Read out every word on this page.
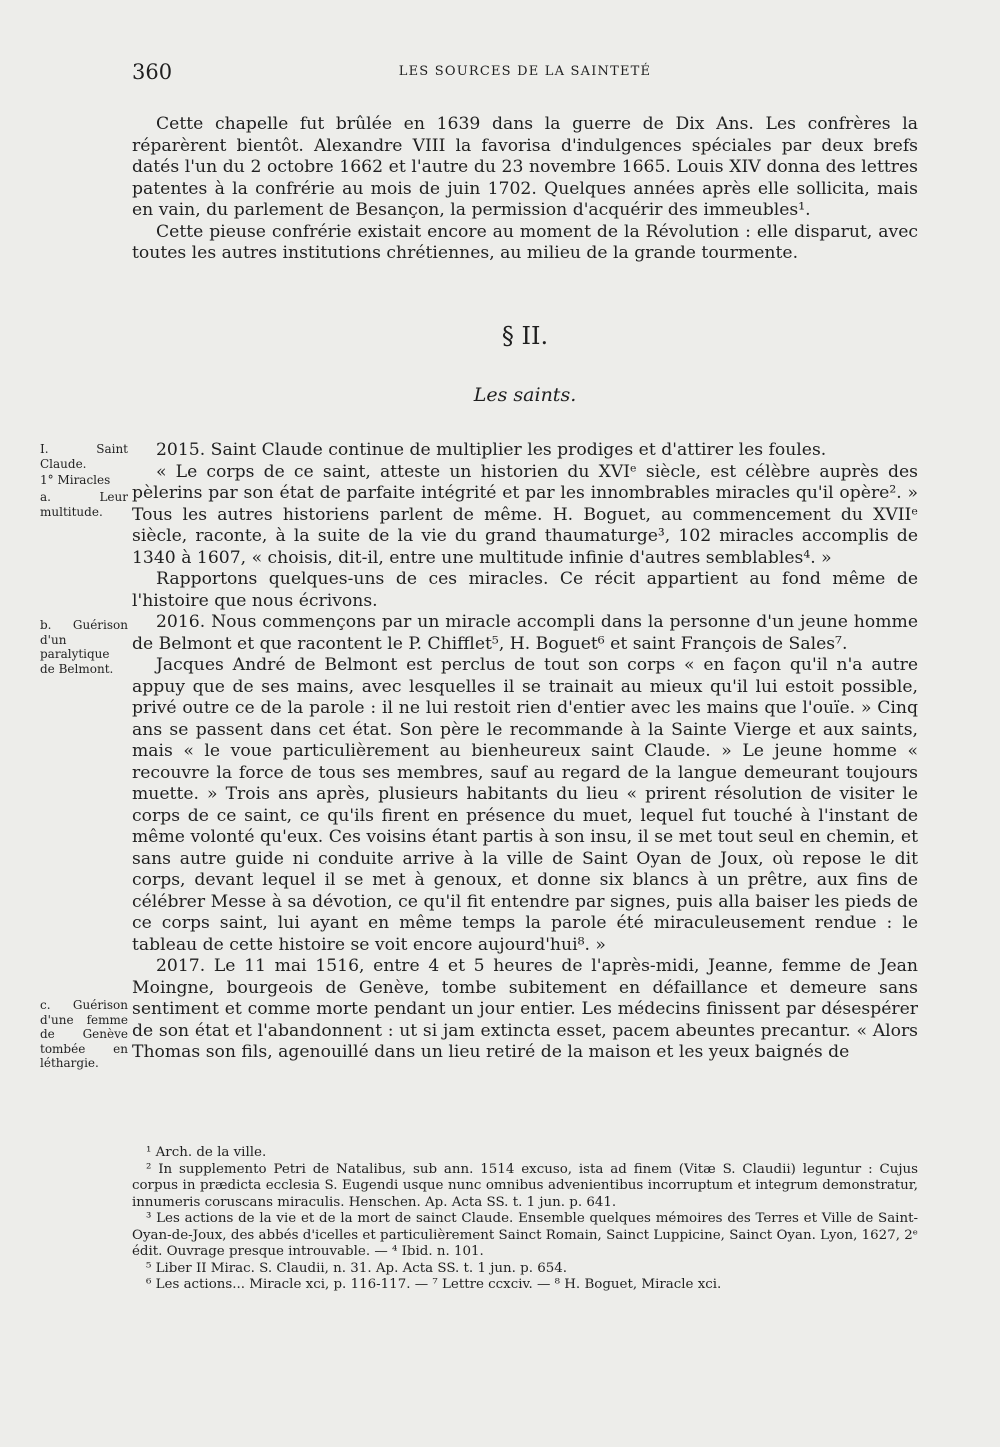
360	LES SOURCES DE LA SAINTETÉ

Cette chapelle fut brûlée en 1639 dans la guerre de Dix Ans. Les confrères la réparèrent bientôt. Alexandre VIII la favorisa d'indulgences spéciales par deux brefs datés l'un du 2 octobre 1662 et l'autre du 23 novembre 1665. Louis XIV donna des lettres patentes à la confrérie au mois de juin 1702. Quelques années après elle sollicita, mais en vain, du parlement de Besançon, la permission d'acquérir des immeubles¹.

Cette pieuse confrérie existait encore au moment de la Révolution : elle disparut, avec toutes les autres institutions chrétiennes, au milieu de la grande tourmente.

§ II.
Les saints.
I. Saint Claude.
1° Miracles
a. Leur multitude.
b. Guérison d'un paralytique de Belmont.
c. Guérison d'une femme de Genève tombée en léthargie.

2015. Saint Claude continue de multiplier les prodiges et d'attirer les foules.

« Le corps de ce saint, atteste un historien du XVIᵉ siècle, est célèbre auprès des pèlerins par son état de parfaite intégrité et par les innombrables miracles qu'il opère². » Tous les autres historiens parlent de même. H. Boguet, au commencement du XVIIᵉ siècle, raconte, à la suite de la vie du grand thaumaturge³, 102 miracles accomplis de 1340 à 1607, « choisis, dit-il, entre une multitude infinie d'autres semblables⁴. »

Rapportons quelques-uns de ces miracles. Ce récit appartient au fond même de l'histoire que nous écrivons.

2016. Nous commençons par un miracle accompli dans la personne d'un jeune homme de Belmont et que racontent le P. Chifflet⁵, H. Boguet⁶ et saint François de Sales⁷.

Jacques André de Belmont est perclus de tout son corps « en façon qu'il n'a autre appuy que de ses mains, avec lesquelles il se trainait au mieux qu'il lui estoit possible, privé outre ce de la parole : il ne lui restoit rien d'entier avec les mains que l'ouïe. » Cinq ans se passent dans cet état. Son père le recommande à la Sainte Vierge et aux saints, mais « le voue particulièrement au bienheureux saint Claude. » Le jeune homme « recouvre la force de tous ses membres, sauf au regard de la langue demeurant toujours muette. » Trois ans après, plusieurs habitants du lieu « prirent résolution de visiter le corps de ce saint, ce qu'ils firent en présence du muet, lequel fut touché à l'instant de même volonté qu'eux. Ces voisins étant partis à son insu, il se met tout seul en chemin, et sans autre guide ni conduite arrive à la ville de Saint Oyan de Joux, où repose le dit corps, devant lequel il se met à genoux, et donne six blancs à un prêtre, aux fins de célébrer Messe à sa dévotion, ce qu'il fit entendre par signes, puis alla baiser les pieds de ce corps saint, lui ayant en même temps la parole été miraculeusement rendue : le tableau de cette histoire se voit encore aujourd'hui⁸. »

2017. Le 11 mai 1516, entre 4 et 5 heures de l'après-midi, Jeanne, femme de Jean Moingne, bourgeois de Genève, tombe subitement en défaillance et demeure sans sentiment et comme morte pendant un jour entier. Les médecins finissent par désespérer de son état et l'abandonnent : ut si jam extincta esset, pacem abeuntes precantur. « Alors Thomas son fils, agenouillé dans un lieu retiré de la maison et les yeux baignés de

¹ Arch. de la ville.

² In supplemento Petri de Natalibus, sub ann. 1514 excuso, ista ad finem (Vitæ S. Claudii) leguntur : Cujus corpus in prædicta ecclesia S. Eugendi usque nunc omnibus advenientibus incorruptum et integrum demonstratur, innumeris coruscans miraculis. Henschen. Ap. Acta SS. t. 1 jun. p. 641.

³ Les actions de la vie et de la mort de sainct Claude. Ensemble quelques mémoires des Terres et Ville de Saint-Oyan-de-Joux, des abbés d'icelles et particulièrement Sainct Romain, Sainct Luppicine, Sainct Oyan. Lyon, 1627, 2ᵉ édit. Ouvrage presque introuvable. — ⁴ Ibid. n. 101.

⁵ Liber II Mirac. S. Claudii, n. 31. Ap. Acta SS. t. 1 jun. p. 654.

⁶ Les actions... Miracle xci, p. 116-117. — ⁷ Lettre ccxciv. — ⁸ H. Boguet, Miracle xci.
